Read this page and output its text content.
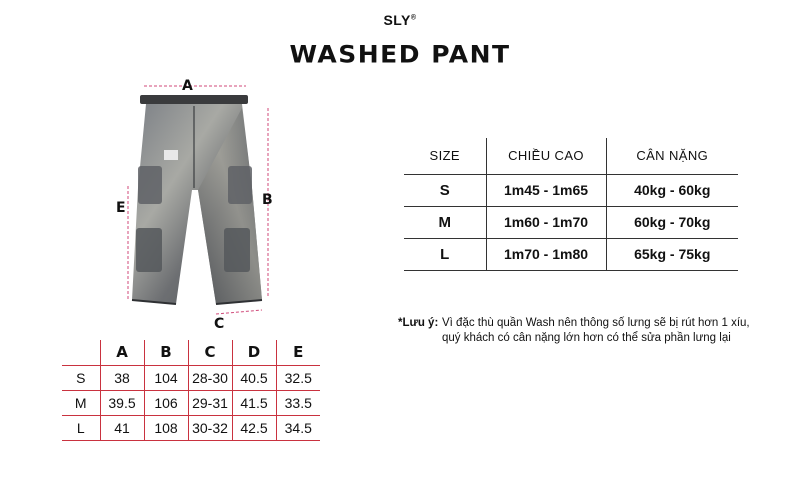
SLY®
WASHED PANT
A
B
C
E
	A	B	C	D	E
S	38	104	28-30	40.5	32.5
M	39.5	106	29-31	41.5	33.5
L	41	108	30-32	42.5	34.5
SIZE	CHIỀU CAO	CÂN NẶNG
S	1m45 - 1m65	40kg - 60kg
M	1m60 - 1m70	60kg - 70kg
L	1m70 - 1m80	65kg - 75kg
*Lưu ý: Vì đặc thù quần Wash nên thông số lưng sẽ bị rút hơn 1 xíu, quý khách có cân nặng lớn hơn có thể sửa phần lưng lại
